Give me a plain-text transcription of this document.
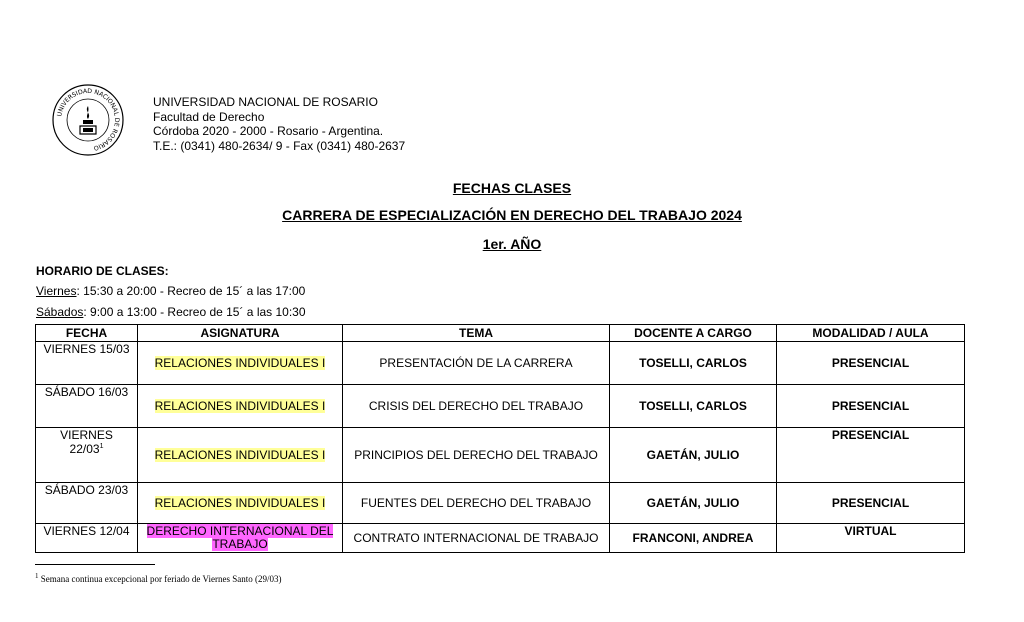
UNIVERSIDAD NACIONAL DE ROSARIO
UNIVERSIDAD NACIONAL DE ROSARIO
Facultad de Derecho
Córdoba 2020 - 2000 - Rosario - Argentina.
T.E.: (0341) 480-2634/ 9 - Fax (0341) 480-2637
FECHAS CLASES
CARRERA DE ESPECIALIZACIÓN EN DERECHO DEL TRABAJO 2024
1er. AÑO
HORARIO DE CLASES:
Viernes: 15:30 a 20:00 - Recreo de 15´ a las 17:00
Sábados: 9:00 a 13:00 - Recreo de 15´ a las 10:30
FECHA	ASIGNATURA	TEMA	DOCENTE A CARGO	MODALIDAD / AULA
VIERNES 15/03	RELACIONES INDIVIDUALES I	PRESENTACIÓN DE LA CARRERA	TOSELLI, CARLOS	PRESENCIAL
SÁBADO 16/03	RELACIONES INDIVIDUALES I	CRISIS DEL DERECHO DEL TRABAJO	TOSELLI, CARLOS	PRESENCIAL
VIERNES
$22/03^1$	RELACIONES INDIVIDUALES I	PRINCIPIOS DEL DERECHO DEL TRABAJO	GAETÁN, JULIO	PRESENCIAL
SÁBADO 23/03	RELACIONES INDIVIDUALES I	FUENTES DEL DERECHO DEL TRABAJO	GAETÁN, JULIO	PRESENCIAL
VIERNES 12/04	DERECHO INTERNACIONAL DEL TRABAJO	CONTRATO INTERNACIONAL DE TRABAJO	FRANCONI, ANDREA	VIRTUAL
$^1$ Semana continua excepcional por feriado de Viernes Santo (29/03)
